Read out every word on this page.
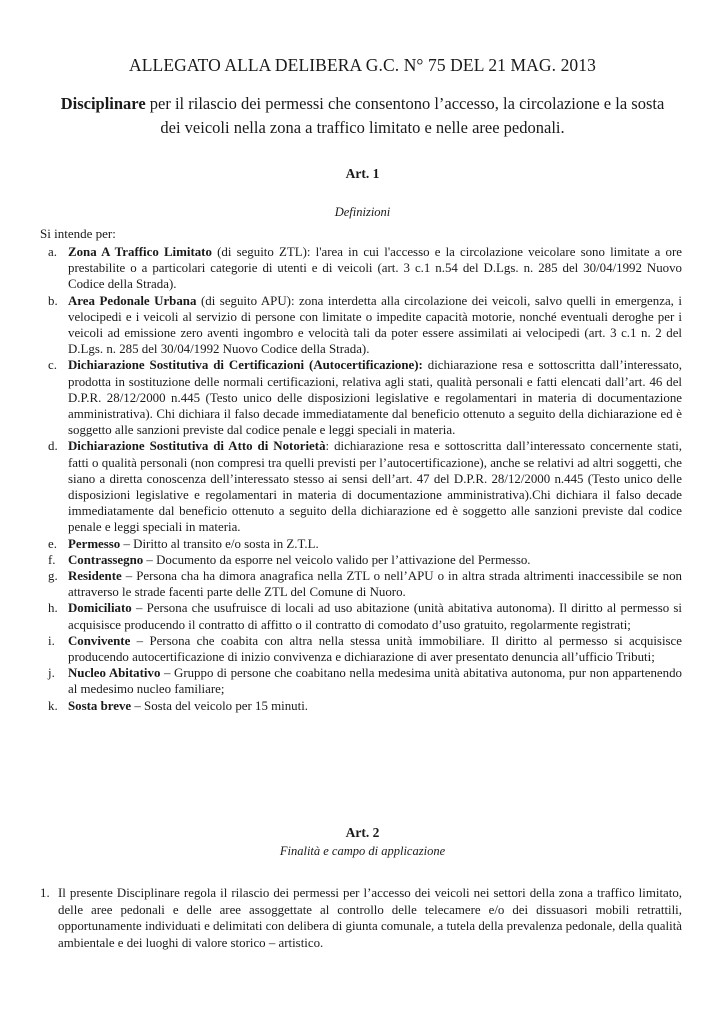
ALLEGATO ALLA DELIBERA G.C. N° 75 DEL 21 MAG. 2013
Disciplinare per il rilascio dei permessi che consentono l’accesso, la circolazione e la sosta dei veicoli nella zona a traffico limitato e nelle aree pedonali.
Art. 1
Definizioni
Si intende per:
a. Zona A Traffico Limitato (di seguito ZTL): l'area in cui l'accesso e la circolazione veicolare sono limitate a ore prestabilite o a particolari categorie di utenti e di veicoli (art. 3 c.1 n.54 del D.Lgs. n. 285 del 30/04/1992 Nuovo Codice della Strada).
b. Area Pedonale Urbana (di seguito APU): zona interdetta alla circolazione dei veicoli, salvo quelli in emergenza, i velocipedi e i veicoli al servizio di persone con limitate o impedite capacità motorie, nonché eventuali deroghe per i veicoli ad emissione zero aventi ingombro e velocità tali da poter essere assimilati ai velocipedi (art. 3 c.1 n. 2 del D.Lgs. n. 285 del 30/04/1992 Nuovo Codice della Strada).
c. Dichiarazione Sostitutiva di Certificazioni (Autocertificazione): dichiarazione resa e sottoscritta dall’interessato, prodotta in sostituzione delle normali certificazioni, relativa agli stati, qualità personali e fatti elencati dall’art. 46 del D.P.R. 28/12/2000 n.445 (Testo unico delle disposizioni legislative e regolamentari in materia di documentazione amministrativa). Chi dichiara il falso decade immediatamente dal beneficio ottenuto a seguito della dichiarazione ed è soggetto alle sanzioni previste dal codice penale e leggi speciali in materia.
d. Dichiarazione Sostitutiva di Atto di Notorietà: dichiarazione resa e sottoscritta dall’interessato concernente stati, fatti o qualità personali (non compresi tra quelli previsti per l’autocertificazione), anche se relativi ad altri soggetti, che siano a diretta conoscenza dell’interessato stesso ai sensi dell’art. 47 del D.P.R. 28/12/2000 n.445 (Testo unico delle disposizioni legislative e regolamentari in materia di documentazione amministrativa).Chi dichiara il falso decade immediatamente dal beneficio ottenuto a seguito della dichiarazione ed è soggetto alle sanzioni previste dal codice penale e leggi speciali in materia.
e. Permesso – Diritto al transito e/o sosta in Z.T.L.
f. Contrassegno – Documento da esporre nel veicolo valido per l’attivazione del Permesso.
g. Residente – Persona cha ha dimora anagrafica nella ZTL o nell’APU o in altra strada altrimenti inaccessibile se non attraverso le strade facenti parte delle ZTL del Comune di Nuoro.
h. Domiciliato – Persona che usufruisce di locali ad uso abitazione (unità abitativa autonoma). Il diritto al permesso si acquisisce producendo il contratto di affitto o il contratto di comodato d’uso gratuito, regolarmente registrati;
i. Convivente – Persona che coabita con altra nella stessa unità immobiliare. Il diritto al permesso si acquisisce producendo autocertificazione di inizio convivenza e dichiarazione di aver presentato denuncia all’ufficio Tributi;
j. Nucleo Abitativo – Gruppo di persone che coabitano nella medesima unità abitativa autonoma, pur non appartenendo al medesimo nucleo familiare;
k. Sosta breve – Sosta del veicolo per 15 minuti.
Art. 2
Finalità e campo di applicazione
1. Il presente Disciplinare regola il rilascio dei permessi per l’accesso dei veicoli nei settori della zona a traffico limitato, delle aree pedonali e delle aree assoggettate al controllo delle telecamere e/o dei dissuasori mobili retrattili, opportunamente individuati e delimitati con delibera di giunta comunale, a tutela della prevalenza pedonale, della qualità ambientale e dei luoghi di valore storico – artistico.
